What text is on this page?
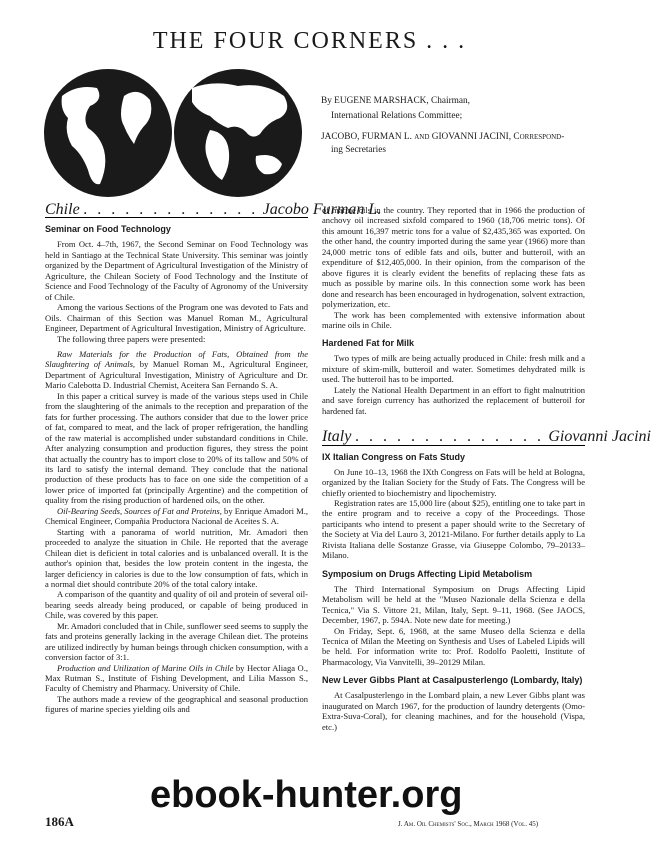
THE FOUR CORNERS . . .
By EUGENE MARSHACK, Chairman,
International Relations Committee;
JACOBO, FURMAN L. and GIOVANNI JACINI, Correspond-
ing Secretaries
Chile . . . . . . . . . . . . . Jacobo Furman L.
Seminar on Food Technology

From Oct. 4–7th, 1967, the Second Seminar on Food Technology was held in Santiago at the Technical State University. This seminar was jointly organized by the Department of Agricultural Investigation of the Ministry of Agriculture, the Chilean Society of Food Technology and the Institute of Science and Food Technology of the Faculty of Agronomy of the University of Chile.

Among the various Sections of the Program one was devoted to Fats and Oils. Chairman of this Section was Manuel Roman M., Agricultural Engineer, Department of Agricultural Investigation, Ministry of Agriculture.

The following three papers were presented:

Raw Materials for the Production of Fats, Obtained from the Slaughtering of Animals, by Manuel Roman M., Agricultural Engineer, Department of Agricultural Investigation, Ministry of Agriculture and Dr. Mario Calebotta D. Industrial Chemist, Aceitera San Fernando S. A.

In this paper a critical survey is made of the various steps used in Chile from the slaughtering of the animals to the reception and preparation of the fats for further processing. The authors consider that due to the lower price of fat, compared to meat, and the lack of proper refrigeration, the handling of the raw material is accomplished under substandard conditions in Chile. After analyzing consumption and production figures, they stress the point that actually the country has to import close to 20% of its tallow and 50% of its lard to satisfy the internal demand. They conclude that the national production of these products has to face on one side the competition of a lower price of imported fat (principally Argentine) and the competition of quality from the rising production of hardened oils, on the other.

Oil-Bearing Seeds, Sources of Fat and Proteins, by Enrique Amadori M., Chemical Engineer, Compañia Productora Nacional de Aceites S. A.

Starting with a panorama of world nutrition, Mr. Amadori then proceeded to analyze the situation in Chile. He reported that the average Chilean diet is deficient in total calories and is unbalanced overall. It is the author's opinion that, besides the low protein content in the ingesta, the larger deficiency in calories is due to the low consumption of fats, which in a normal diet should contribute 20% of the total calory intake.

A comparison of the quantity and quality of oil and protein of several oil-bearing seeds already being produced, or capable of being produced in Chile, was covered by this paper.

Mr. Amadori concluded that in Chile, sunflower seed seems to supply the fats and proteins generally lacking in the average Chilean diet. The proteins are utilized indirectly by human beings through chicken consumption, with a conversion factor of 3:1.

Production and Utilization of Marine Oils in Chile by Hector Aliaga O., Max Rutman S., Institute of Fishing Development, and Lilia Masson S., Faculty of Chemistry and Pharmacy. University of Chile.

The authors made a review of the geographical and seasonal production figures of marine species yielding oils and

of marine oils in the country. They reported that in 1966 the production of anchovy oil increased sixfold compared to 1960 (18,706 metric tons). Of this amount 16,397 metric tons for a value of $2,435,365 was exported. On the other hand, the country imported during the same year (1966) more than 24,000 metric tons of edible fats and oils, butter and butteroil, with an expenditure of $12,405,000. In their opinion, from the comparison of the above figures it is clearly evident the benefits of replacing these fats as much as possible by marine oils. In this connection some work has been done and research has been encouraged in hydrogenation, solvent extraction, polymerization, etc.

The work has been complemented with extensive information about marine oils in Chile.

Hardened Fat for Milk

Two types of milk are being actually produced in Chile: fresh milk and a mixture of skim-milk, butteroil and water. Sometimes dehydrated milk is used. The butteroil has to be imported.

Lately the National Health Department in an effort to fight malnutrition and save foreign currency has authorized the replacement of butteroil for hardened fat.

Italy . . . . . . . . . . . . . . Giovanni Jacini
IX Italian Congress on Fats Study

On June 10–13, 1968 the IXth Congress on Fats will be held at Bologna, organized by the Italian Society for the Study of Fats. The Congress will be chiefly oriented to biochemistry and lipochemistry.

Registration rates are 15,000 lire (about $25), entitling one to take part in the entire program and to receive a copy of the Proceedings. Those participants who intend to present a paper should write to the Secretary of the Society at Via del Lauro 3, 20121-Milano. For further details apply to La Rivista Italiana delle Sostanze Grasse, via Giuseppe Colombo, 79–20133–Milano.

Symposium on Drugs Affecting Lipid Metabolism

The Third International Symposium on Drugs Affecting Lipid Metabolism will be held at the "Museo Nazionale della Scienza e della Tecnica," Via S. Vittore 21, Milan, Italy, Sept. 9–11, 1968. (See JAOCS, December, 1967, p. 594A. Note new date for meeting.)

On Friday, Sept. 6, 1968, at the same Museo della Scienza e della Tecnica of Milan the Meeting on Synthesis and Uses of Labeled Lipids will be held. For information write to: Prof. Rodolfo Paoletti, Institute of Pharmacology, Via Vanvitelli, 39–20129 Milan.

New Lever Gibbs Plant at Casalpusterlengo (Lombardy, Italy)

At Casalpusterlengo in the Lombard plain, a new Lever Gibbs plant was inaugurated on March 1967, for the production of laundry detergents (Omo-Extra-Suva-Coral), for cleaning machines, and for the household (Vispa, etc.)

186A	J. Am. Oil Chemists' Soc., March 1968 (Vol. 45)
ebook-hunter.org
